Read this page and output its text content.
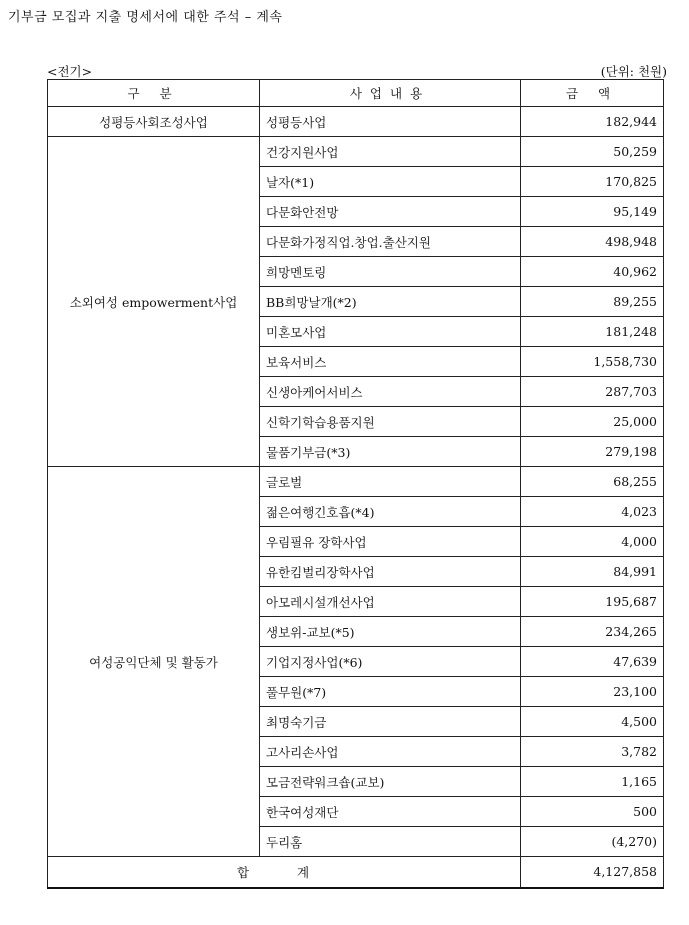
기부금 모집과 지출 명세서에 대한 주석 – 계속
<전기>	(단위: 천원)
구 분	사업내용	금 액
성평등사회조성사업	성평등사업	182,944
소외여성 empowerment사업	건강지원사업	50,259
	날자(*1)	170,825
	다문화안전망	95,149
	다문화가정직업.창업.출산지원	498,948
	희망멘토링	40,962
	BB희망날개(*2)	89,255
	미혼모사업	181,248
	보육서비스	1,558,730
	신생아케어서비스	287,703
	신학기학습용품지원	25,000
	물품기부금(*3)	279,198
여성공익단체 및 활동가	글로벌	68,255
	젊은여행긴호흡(*4)	4,023
	우림필유 장학사업	4,000
	유한킴벌리장학사업	84,991
	아모레시설개선사업	195,687
	생보위-교보(*5)	234,265
	기업지정사업(*6)	47,639
	풀무원(*7)	23,100
	최명숙기금	4,500
	고사리손사업	3,782
	모금전략워크숍(교보)	1,165
	한국여성재단	500
	두리홈	(4,270)
합 계		4,127,858
